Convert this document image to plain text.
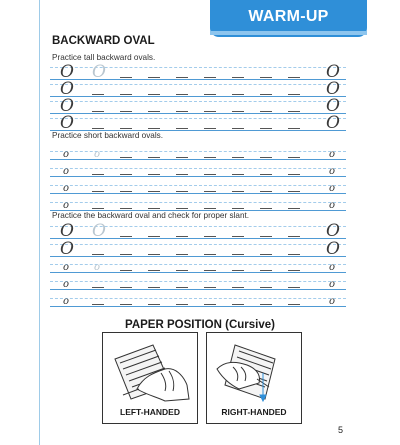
WARM-UP
BACKWARD OVAL
Practice tall backward ovals.
Practice short backward ovals.
Practice the backward oval and check for proper slant.
O O	O
O	O
O	O
O	O
o o	o
o	o
o	o
o	o
O O	O
O	O
o o	o
o	o
o	o
PAPER POSITION (Cursive)
LEFT-HANDED	RIGHT-HANDED
5
